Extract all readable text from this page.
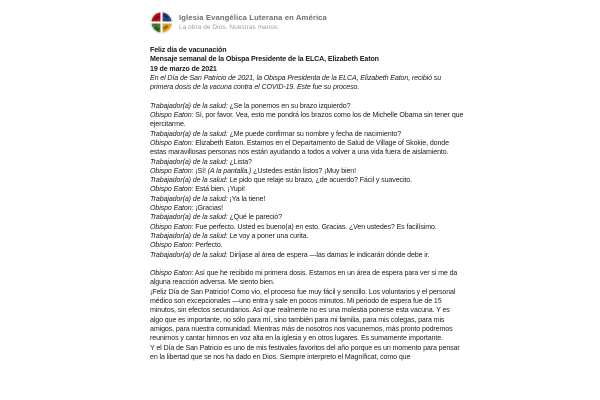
Iglesia Evangélica Luterana en América
La obra de Dios. Nuestras manos.

Feliz día de vacunación

Mensaje semanal de la Obispa Presidente de la ELCA, Elizabeth Eaton

19 de marzo de 2021

En el Día de San Patricio de 2021, la Obispa Presidenta de la ELCA, Elizabeth Eaton, recibió su primera dosis de la vacuna contra el COVID-19. Este fue su proceso.

Trabajador(a) de la salud: ¿Se la ponemos en su brazo izquierdo?

Obispo Eaton: Sí, por favor. Vea, esto me pondrá los brazos como los de Michelle Obama sin tener que ejercitarme.

Trabajador(a) de la salud: ¿Me puede confirmar su nombre y fecha de nacimiento?

Obispo Eaton: Elizabeth Eaton. Estamos en el Departamento de Salud de Village of Skokie, donde estas maravillosas personas nos están ayudando a todos a volver a una vida fuera de aislamiento.

Trabajador(a) de la salud: ¿Lista?

Obispo Eaton: ¡Sí! (A la pantalla.) ¿Ustedes están listos? ¡Muy bien!

Trabajador(a) de la salud: Le pido que relaje su brazo, ¿de acuerdo? Fácil y suavecito.

Obispo Eaton: Está bien. ¡Yupi!

Trabajador(a) de la salud: ¡Ya la tiene!

Obispo Eaton: ¡Gracias!

Trabajador(a) de la salud: ¿Qué le pareció?

Obispo Eaton: Fue perfecto. Usted es bueno(a) en esto. Gracias. ¿Ven ustedes? Es facilísimo.

Trabajador(a) de la salud: Le voy a poner una curita.

Obispo Eaton: Perfecto.

Trabajador(a) de la salud: Diríjase al área de espera —las damas le indicarán dónde debe ir.

Obispo Eaton: Así que he recibido mi primera dosis. Estamos en un área de espera para ver si me da alguna reacción adversa. Me siento bien.

¡Feliz Día de San Patricio! Como vio, el proceso fue muy fácil y sencillo. Los voluntarios y el personal médico son excepcionales —uno entra y sale en pocos minutos. Mi periodo de espera fue de 15 minutos, sin efectos secundarios. Así que realmente no es una molestia ponerse esta vacuna. Y es algo que es importante, no sólo para mí, sino también para mi familia, para mis colegas, para mis amigos, para nuestra comunidad. Mientras más de nosotros nos vacunemos, más pronto podremos reunirnos y cantar himnos en voz alta en la iglesia y en otros lugares. Es sumamente importante.

Y el Día de San Patricio es uno de mis festivales favoritos del año porque es un momento para pensar en la libertad que se nos ha dado en Dios. Siempre interpreto el Magníficat, como que
